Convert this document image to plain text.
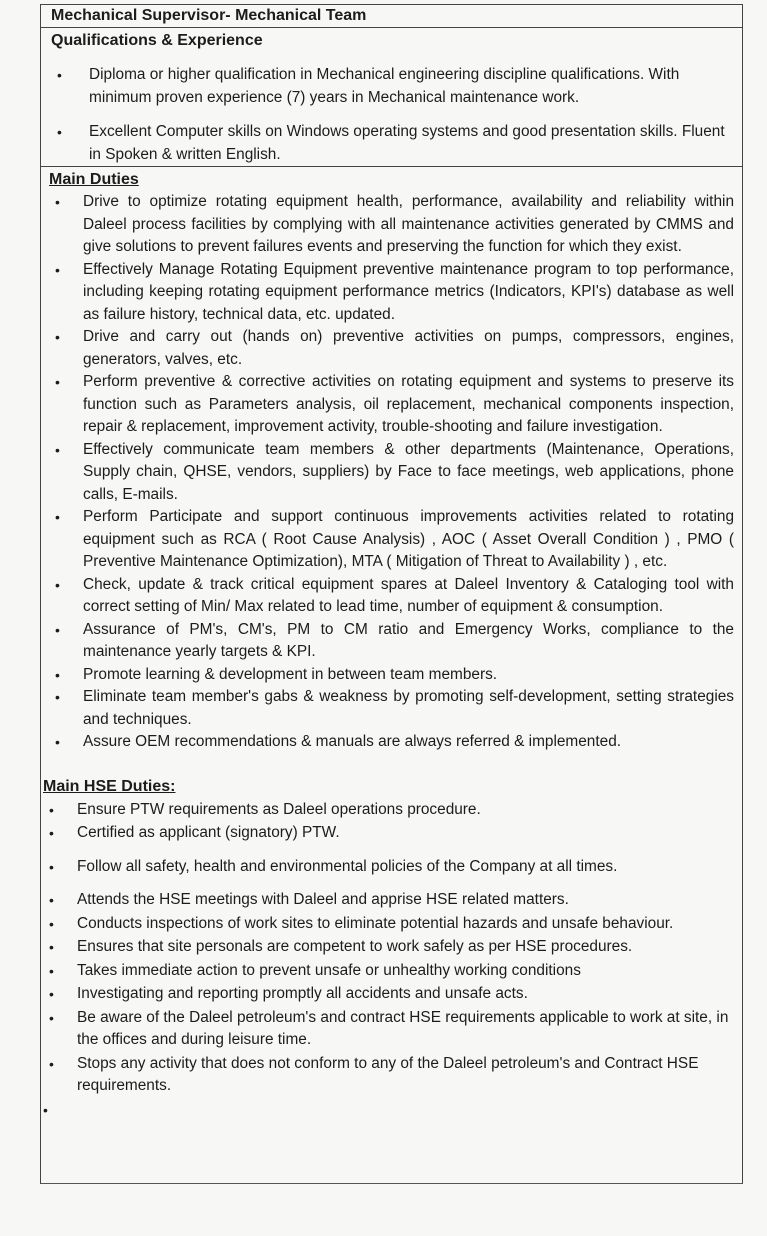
Mechanical Supervisor- Mechanical Team

Qualifications & Experience

• Diploma or higher qualification in Mechanical engineering discipline qualifications. With minimum proven experience (7) years in Mechanical maintenance work.
• Excellent Computer skills on Windows operating systems and good presentation skills. Fluent in Spoken & written English.

Main Duties

• Drive to optimize rotating equipment health, performance, availability and reliability within Daleel process facilities by complying with all maintenance activities generated by CMMS and give solutions to prevent failures events and preserving the function for which they exist.
• Effectively Manage Rotating Equipment preventive maintenance program to top performance, including keeping rotating equipment performance metrics (Indicators, KPI's) database as well as failure history, technical data, etc. updated.
• Drive and carry out (hands on) preventive activities on pumps, compressors, engines, generators, valves, etc.
• Perform preventive & corrective activities on rotating equipment and systems to preserve its function such as Parameters analysis, oil replacement, mechanical components inspection, repair & replacement, improvement activity, trouble-shooting and failure investigation.
• Effectively communicate team members & other departments (Maintenance, Operations, Supply chain, QHSE, vendors, suppliers) by Face to face meetings, web applications, phone calls, E-mails.
• Perform Participate and support continuous improvements activities related to rotating equipment such as RCA ( Root Cause Analysis) , AOC ( Asset Overall Condition ) , PMO ( Preventive Maintenance Optimization), MTA ( Mitigation of Threat to Availability ) , etc.
• Check, update & track critical equipment spares at Daleel Inventory & Cataloging tool with correct setting of Min/ Max related to lead time, number of equipment & consumption.
• Assurance of PM's, CM's, PM to CM ratio and Emergency Works, compliance to the maintenance yearly targets & KPI.
• Promote learning & development in between team members.
• Eliminate team member's gabs & weakness by promoting self-development, setting strategies and techniques.
• Assure OEM recommendations & manuals are always referred & implemented.

Main HSE Duties:

• Ensure PTW requirements as Daleel operations procedure.
• Certified as applicant (signatory) PTW.
• Follow all safety, health and environmental policies of the Company at all times.
• Attends the HSE meetings with Daleel and apprise HSE related matters.
• Conducts inspections of work sites to eliminate potential hazards and unsafe behaviour.
• Ensures that site personals are competent to work safely as per HSE procedures.
• Takes immediate action to prevent unsafe or unhealthy working conditions
• Investigating and reporting promptly all accidents and unsafe acts.
• Be aware of the Daleel petroleum's and contract HSE requirements applicable to work at site, in the offices and during leisure time.
• Stops any activity that does not conform to any of the Daleel petroleum's and Contract HSE requirements.
•
